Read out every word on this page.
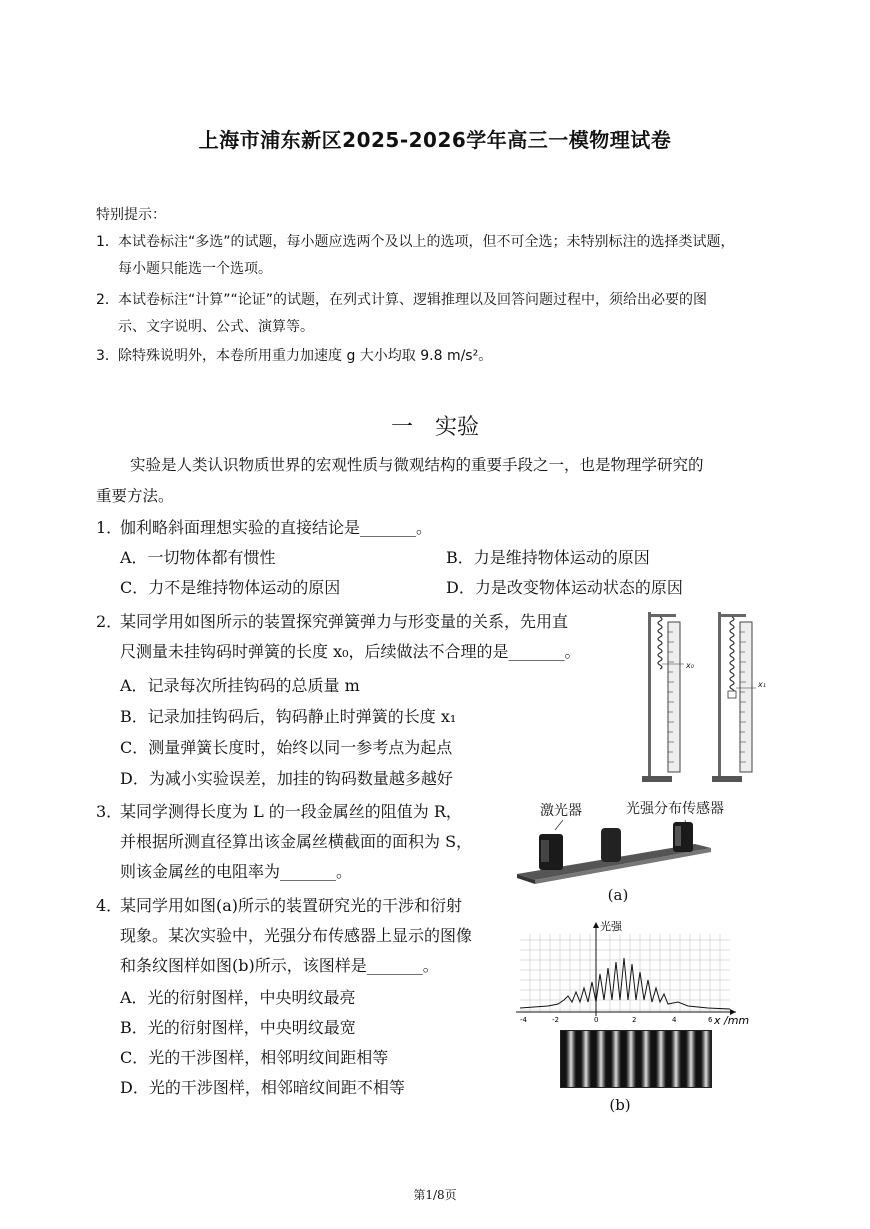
上海市浦东新区2025-2026学年高三一模物理试卷
特别提示：
1． 本试卷标注“多选”的试题，每小题应选两个及以上的选项，但不可全选；未特别标注的选择类试题，
每小题只能选一个选项。
2． 本试卷标注“计算”“论证”的试题，在列式计算、逻辑推理以及回答问题过程中，须给出必要的图
示、文字说明、公式、演算等。
3． 除特殊说明外，本卷所用重力加速度 g 大小均取 9.8 m/s²。
一　实验
实验是人类认识物质世界的宏观性质与微观结构的重要手段之一，也是物理学研究的
重要方法。
1．
伽利略斜面理想实验的直接结论是_______。
A．一切物体都有惯性	B．力是维持物体运动的原因
C．力不是维持物体运动的原因	D．力是改变物体运动状态的原因
2．
某同学用如图所示的装置探究弹簧弹力与形变量的关系，先用直
尺测量未挂钩码时弹簧的长度 x₀，后续做法不合理的是_______。
A．记录每次所挂钩码的总质量 m
B．记录加挂钩码后，钩码静止时弹簧的长度 x₁
C．测量弹簧长度时，始终以同一参考点为起点
D．为减小实验误差，加挂的钩码数量越多越好
x₀
x₁
3．
某同学测得长度为 L 的一段金属丝的阻值为 R，
并根据所测直径算出该金属丝横截面的面积为 S，
则该金属丝的电阻率为_______。
激光器	光强分布传感器
(a)
4．
某同学用如图(a)所示的装置研究光的干涉和衍射
现象。某次实验中，光强分布传感器上显示的图像
和条纹图样如图(b)所示，该图样是_______。
A．光的衍射图样，中央明纹最亮
B．光的衍射图样，中央明纹最宽
C．光的干涉图样，相邻明纹间距相等
D．光的干涉图样，相邻暗纹间距不相等
-4	-2	0	2	4	6
光强
x /mm
(b)
第1/8页
